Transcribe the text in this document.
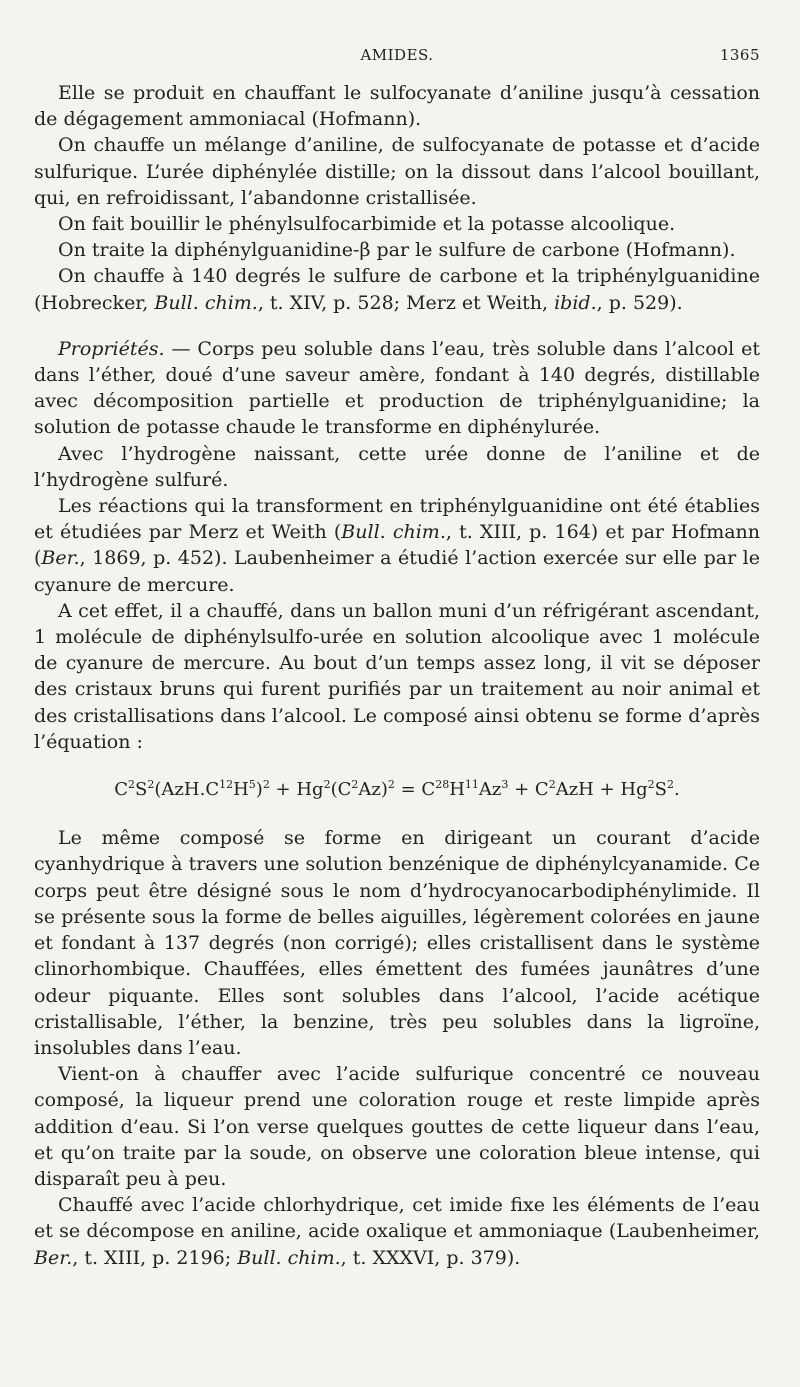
AMIDES.	1365

Elle se produit en chauffant le sulfocyanate d’aniline jusqu’à cessation de dégagement ammoniacal (Hofmann).

On chauffe un mélange d’aniline, de sulfocyanate de potasse et d’acide sulfurique. L’urée diphénylée distille; on la dissout dans l’alcool bouillant, qui, en refroidissant, l’abandonne cristallisée.

On fait bouillir le phénylsulfocarbimide et la potasse alcoolique.

On traite la diphénylguanidine-β par le sulfure de carbone (Hofmann).

On chauffe à 140 degrés le sulfure de carbone et la triphénylguanidine (Hobrecker, Bull. chim., t. XIV, p. 528; Merz et Weith, ibid., p. 529).

Propriétés. — Corps peu soluble dans l’eau, très soluble dans l’alcool et dans l’éther, doué d’une saveur amère, fondant à 140 degrés, distillable avec décomposition partielle et production de triphénylguanidine; la solution de potasse chaude le transforme en diphénylurée.

Avec l’hydrogène naissant, cette urée donne de l’aniline et de l’hydrogène sulfuré.

Les réactions qui la transforment en triphénylguanidine ont été établies et étudiées par Merz et Weith (Bull. chim., t. XIII, p. 164) et par Hofmann (Ber., 1869, p. 452). Laubenheimer a étudié l’action exercée sur elle par le cyanure de mercure.

A cet effet, il a chauffé, dans un ballon muni d’un réfrigérant ascendant, 1 molécule de diphénylsulfo-urée en solution alcoolique avec 1 molécule de cyanure de mercure. Au bout d’un temps assez long, il vit se déposer des cristaux bruns qui furent purifiés par un traitement au noir animal et des cristallisations dans l’alcool. Le composé ainsi obtenu se forme d’après l’équation :

$C^2S^2(AzH.C^{12}H^5)^2 + Hg^2(C^2Az)^2 = C^{28}H^{11}Az^3 + C^2AzH + Hg^2S^2$.

Le même composé se forme en dirigeant un courant d’acide cyanhydrique à travers une solution benzénique de diphénylcyanamide. Ce corps peut être désigné sous le nom d’hydrocyanocarbodiphénylimide. Il se présente sous la forme de belles aiguilles, légèrement colorées en jaune et fondant à 137 degrés (non corrigé); elles cristallisent dans le système clinorhombique. Chauffées, elles émettent des fumées jaunâtres d’une odeur piquante. Elles sont solubles dans l’alcool, l’acide acétique cristallisable, l’éther, la benzine, très peu solubles dans la ligroïne, insolubles dans l’eau.

Vient-on à chauffer avec l’acide sulfurique concentré ce nouveau composé, la liqueur prend une coloration rouge et reste limpide après addition d’eau. Si l’on verse quelques gouttes de cette liqueur dans l’eau, et qu’on traite par la soude, on observe une coloration bleue intense, qui disparaît peu à peu.

Chauffé avec l’acide chlorhydrique, cet imide fixe les éléments de l’eau et se décompose en aniline, acide oxalique et ammoniaque (Laubenheimer, Ber., t. XIII, p. 2196; Bull. chim., t. XXXVI, p. 379).
